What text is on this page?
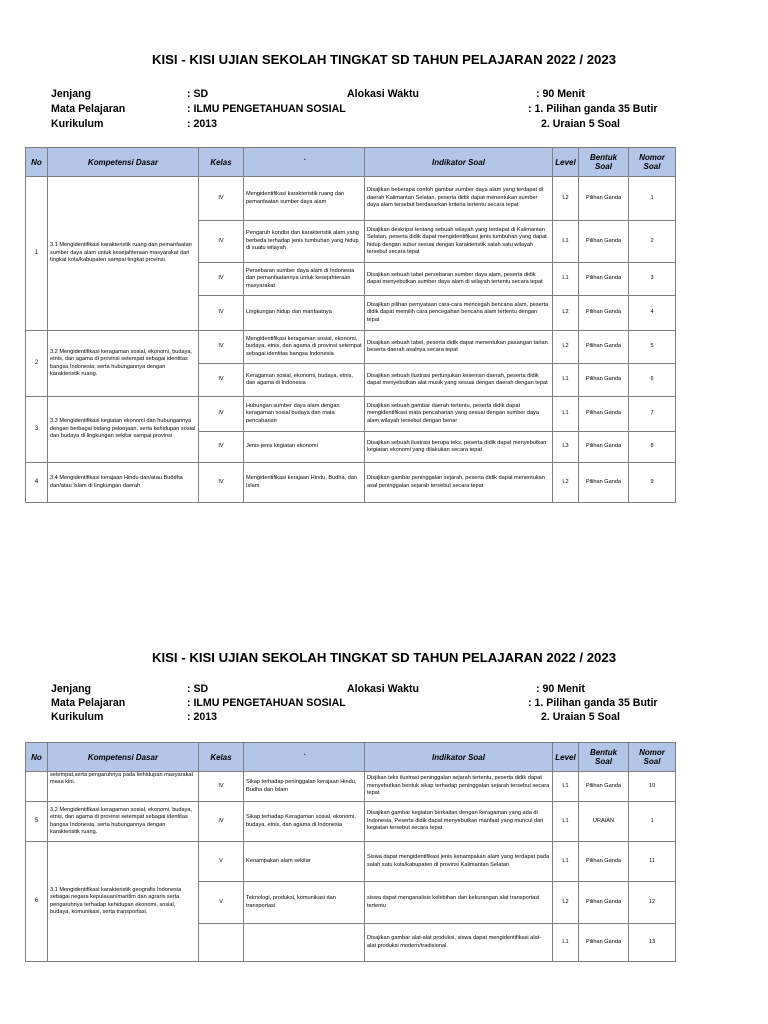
KISI - KISI UJIAN SEKOLAH TINGKAT SD TAHUN PELAJARAN 2022 / 2023
Jenjang	: SD	Alokasi Waktu	: 90 Menit
Mata Pelajaran	: ILMU PENGETAHUAN SOSIAL	: 1. Pilihan ganda 35 Butir
Kurikulum	: 2013	2. Uraian 5 Soal
No	Kompetensi Dasar	Kelas	`	Indikator Soal	Level	Bentuk Soal	Nomor Soal
1	3.1 Mengidentifikasi karakteristik ruang dan pemanfaatan sumber daya alam untuk kesejahteraan masyarakat dari tingkat kota/kabupaten sampai tingkat provinsi.	IV	Mengidentifikasi karakteristik ruang dan pemanfaatan sumber daya alam	Disajikan beberapa contoh gambar sumber daya alam yang terdapat di daerah Kalimantan Selatan, peserta didik dapat menentukan sumber daya alam tersebut berdasarkan kriteria tertentu secara tepat	L2	Pilihan Ganda	1
		IV	Pengaruh kondisi dan karakteristik alam yang berbeda terhadap jenis tumbuhan yang hidup di suatu wilayah	Disajikan deskripsi tentang sebuah wilayah yang terdapat di Kalimantan Selatan, peserta didik dapat mengidentifikasi jenis tumbuhan yang dapat hidup dengan subur sesuai dengan karakteristik salah satu wilayah tersebut secara tepat	L1	Pilihan Ganda	2
		IV	Persebaran sumber daya alam di Indonesia dan pemanfaatannya untuk kesejahteraan masyarakat	Disajikan sebuah tabel persebaran sumber daya alam, peserta didik dapat menyebutkan sumber daya alam di wilayah tertentu secara tepat	L1	Pilihan Ganda	3
		IV	Lingkungan hidup dan manfaatnya	Disajikan pilihan pernyataan cara-cara mencegah bencana alam, peserta didik dapat memilih cara pencegahan bencana alam tertentu dengan tepat	L2	Pilihan Ganda	4
2	3.2 Mengidentifikasi keragaman sosial, ekonomi, budaya, etnis, dan agama di provinsi setempat sebagai identitas bangsa Indonesia; serta hubungannya dengan karakteristik ruang.	IV	Mengidentifikasi keragaman sosial, ekonomi, budaya, etnis, dan agama di provinsi setempat sebagai identitas bangsa Indonesia	Disajikan sebuah tabel, peserta didik dapat menentukan pasangan tarian beserta daerah asalnya secara tepat	L2	Pilihan Ganda	5
		IV	Keragaman sosial, ekonomi, budaya, etnis, dan agama di Indonesia	Disajikan sebuah ilustrasi pertunjukan kesenian daerah, peserta didik dapat menyebutkan alat musik yang sesuai dengan daerah dengan tepat	L1	Pilihan Ganda	6
3	3.3 Mengidentifikasi kegiatan ekonomi dan hubungannya dengan berbagai bidang pekerjaan, serta kehidupan sosial dan budaya di lingkungan sekitar sampai provinsi	IV	Hubungan sumber daya alam dengan keragaman sosial budaya dan mata pencaharian	Disajikan sebuah gambar daerah tertentu, peserta didik dapat mengidentifikasi mata pencaharian yang sesuai dengan sumber daya alam wilayah tersebut dengan benar	L1	Pilihan Ganda	7
		IV	Jenis-jenis kegiatan ekonomi	Disajikan sebuah ilustrasi berupa teks, peserta didik dapat menyebutkan kegiatan ekonomi yang dilakukan secara tepat	L3	Pilihan Ganda	8
4	3.4 Mengidentifikasi kerajaan Hindu dan/atau Buddha dan/atau Islam di lingkungan daerah	IV	Mengidentifikasi kerajaan Hindu, Budha, dan Islam	Disajikan gambar peninggalan sejarah, peserta didik dapat menentukan asal peninggalan sejarah tersebut secara tepat	L2	Pilihan Ganda	9
KISI - KISI UJIAN SEKOLAH TINGKAT SD TAHUN PELAJARAN 2022 / 2023
Jenjang	: SD	Alokasi Waktu	: 90 Menit
Mata Pelajaran	: ILMU PENGETAHUAN SOSIAL	: 1. Pilihan ganda 35 Butir
Kurikulum	: 2013	2. Uraian 5 Soal
No	Kompetensi Dasar	Kelas	`	Indikator Soal	Level	Bentuk Soal	Nomor Soal
	setempat,serta pengaruhnya pada kehidupan masyarakat masa kini.	IV	Sikap terhadap peninggalan kerajaan Hindu, Budha dan Islam	Disjikan teks ilustrasi peninggalan sejarah tertentu, peserta didik dapat menyebutkan bentuk sikap terhadap peninggalan sejarah tersebut secara tepat	L1	Pilihan Ganda	10
5	3.2 Mengidentifikasi keragaman sosial, ekonomi, budaya, etnis, dan agama di provinsi setempat sebagai identitas bangsa Indonesia, serta hubungannya dengan karakteristik ruang.	IV	Sikap terhadap Keragaman sosial, ekonomi, budaya, etnis, dan agama di Indonesia	Disajikan gambar kegiatan berkaitan dengan keragaman yang ada di Indonesia, Peserta didik dapat menyebutkan manfaat yang muncul dari kegiatan tersebut secara tepat	L1	URAIAN	1
6	3.1 Mengidentifikasi karakteristik geografis Indonesia sebagai negara kepulauan/maritim dan agraris serta pengaruhnya terhadap kehidupan ekonomi, sosial, budaya, komunikasi, serta transportasi.	V	Kenampakan alam sekitar	Siswa dapat mengidentifikasi jenis kenampakan alam yang terdapat pada salah satu kota/kabupaten di provinsi Kalimantan Selatan	L1	Pilihan Ganda	11
		V	Teknologi, produksi, komunikasi dan transportasi	siswa dapat menganalisis kelebihan dan kekurangan alat transportasi tertentu	L2	Pilihan Ganda	12
				Disajikan gambar alat-alat produksi, siswa dapat mengidentifikasi alat-alat produksi modern/tradisional.	L1	Pilihan Ganda	13
